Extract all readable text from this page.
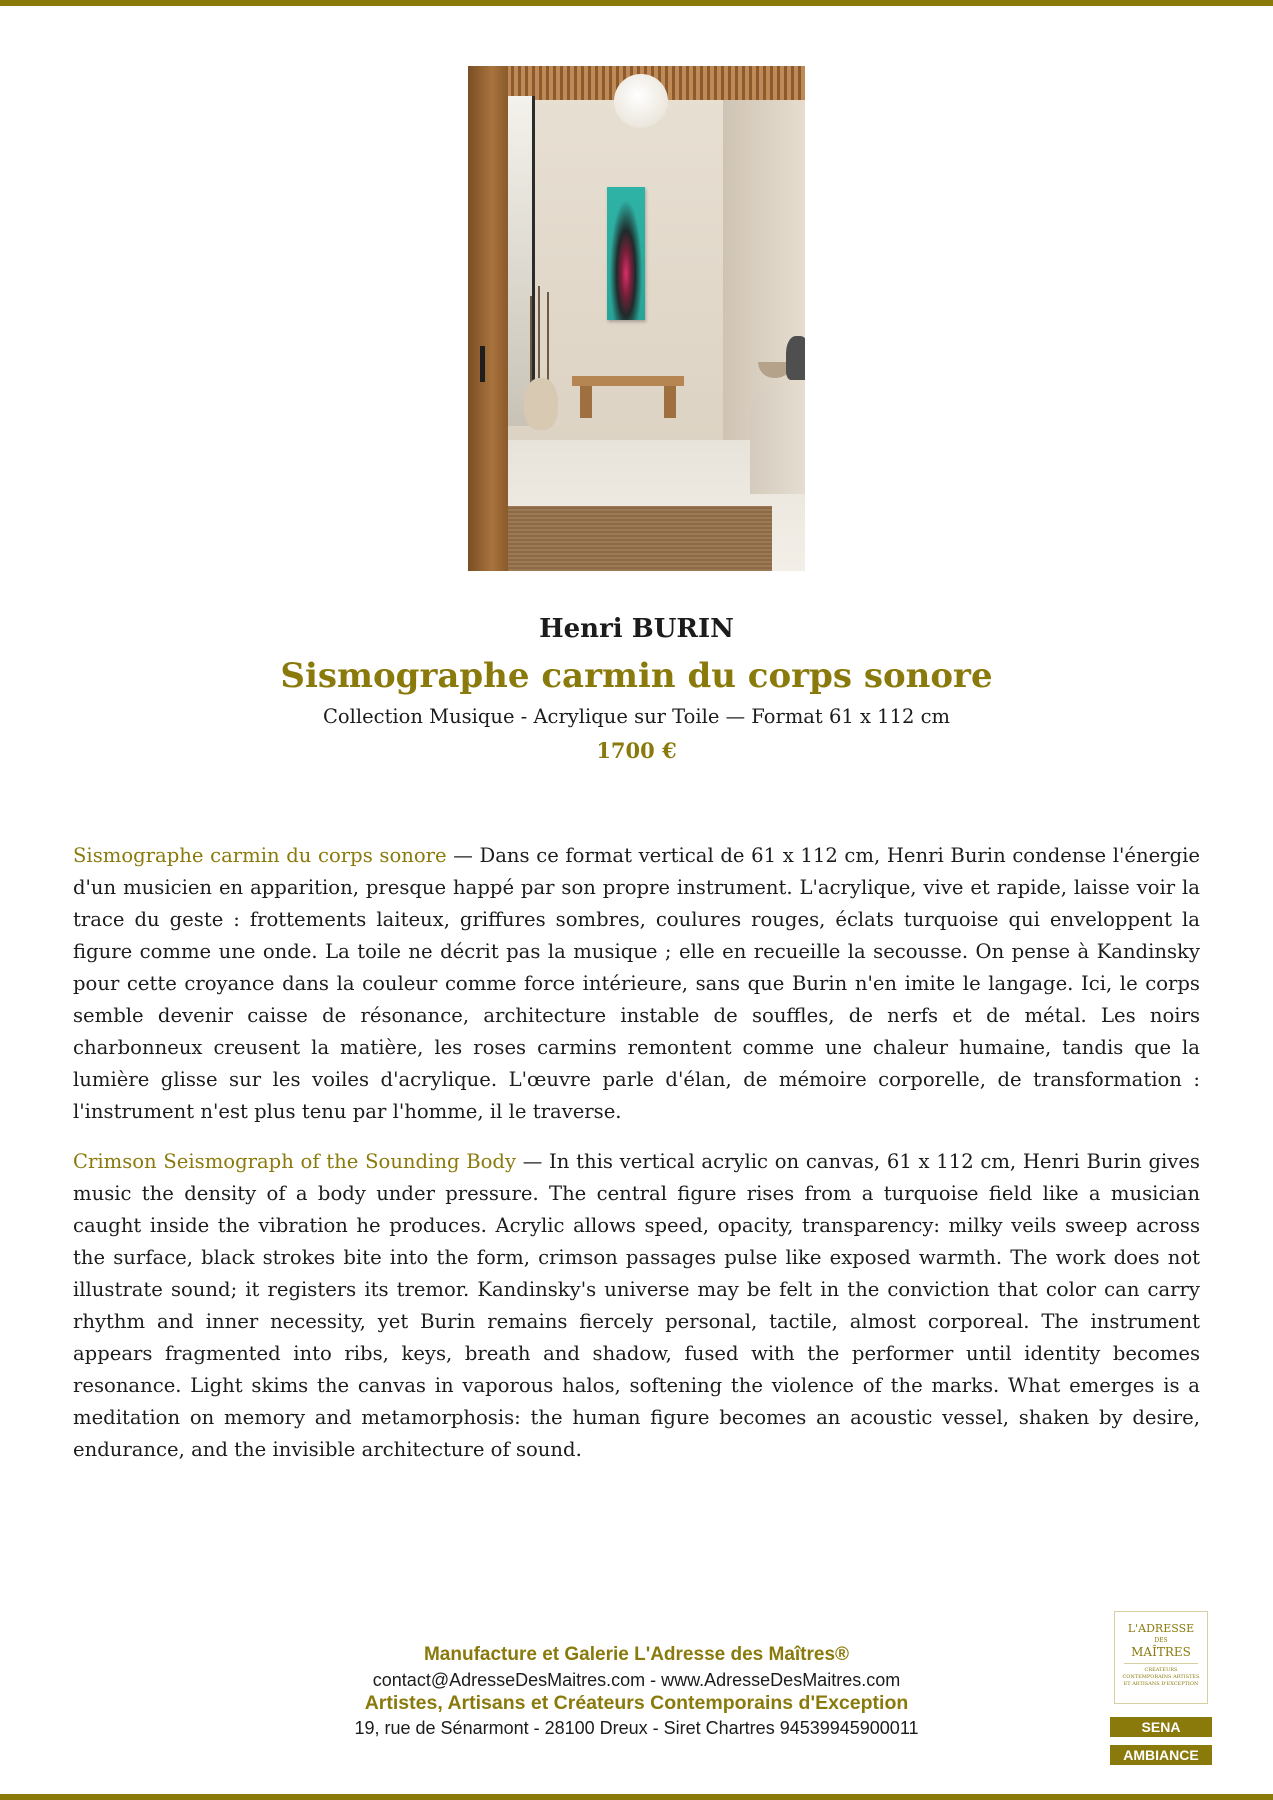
Henri BURIN
Sismographe carmin du corps sonore
Collection Musique - Acrylique sur Toile — Format 61 x 112 cm
1700 €

Sismographe carmin du corps sonore — Dans ce format vertical de 61 x 112 cm, Henri Burin condense l'énergie d'un musicien en apparition, presque happé par son propre instrument. L'acrylique, vive et rapide, laisse voir la trace du geste : frottements laiteux, griffures sombres, coulures rouges, éclats turquoise qui enveloppent la figure comme une onde. La toile ne décrit pas la musique ; elle en recueille la secousse. On pense à Kandinsky pour cette croyance dans la couleur comme force intérieure, sans que Burin n'en imite le langage. Ici, le corps semble devenir caisse de résonance, architecture instable de souffles, de nerfs et de métal. Les noirs charbonneux creusent la matière, les roses carmins remontent comme une chaleur humaine, tandis que la lumière glisse sur les voiles d'acrylique. L'œuvre parle d'élan, de mémoire corporelle, de transformation : l'instrument n'est plus tenu par l'homme, il le traverse.

Crimson Seismograph of the Sounding Body — In this vertical acrylic on canvas, 61 x 112 cm, Henri Burin gives music the density of a body under pressure. The central figure rises from a turquoise field like a musician caught inside the vibration he produces. Acrylic allows speed, opacity, transparency: milky veils sweep across the surface, black strokes bite into the form, crimson passages pulse like exposed warmth. The work does not illustrate sound; it registers its tremor. Kandinsky's universe may be felt in the conviction that color can carry rhythm and inner necessity, yet Burin remains fiercely personal, tactile, almost corporeal. The instrument appears fragmented into ribs, keys, breath and shadow, fused with the performer until identity becomes resonance. Light skims the canvas in vaporous halos, softening the violence of the marks. What emerges is a meditation on memory and metamorphosis: the human figure becomes an acoustic vessel, shaken by desire, endurance, and the invisible architecture of sound.

Manufacture et Galerie L'Adresse des Maîtres®
contact@AdresseDesMaitres.com - www.AdresseDesMaitres.com
Artistes, Artisans et Créateurs Contemporains d'Exception
19, rue de Sénarmont - 28100 Dreux - Siret Chartres 94539945900011
L'ADRESSE
DES
MAÎTRES
CRÉATEURS CONTEMPORAINS ARTISTES ET ARTISANS D'EXCEPTION
SENA
AMBIANCE
